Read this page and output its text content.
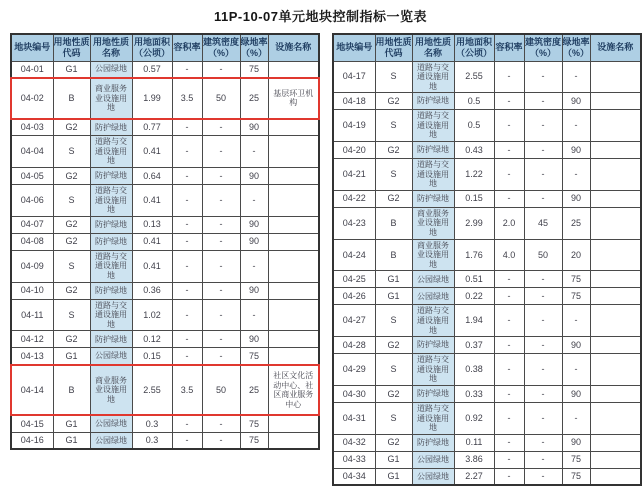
11P-10-07单元地块控制指标一览表
地块编号	用地性质代码	用地性质名称	用地面积（公顷）	容积率	建筑密度（%）	绿地率（%）	设施名称
04-01	G1	公园绿地	0.57	-	-	75	
04-02	B	商业服务业设施用地	1.99	3.5	50	25	基层环卫机构
04-03	G2	防护绿地	0.77	-	-	90	
04-04	S	道路与交通设施用地	0.41	-	-	-	
04-05	G2	防护绿地	0.64	-	-	90	
04-06	S	道路与交通设施用地	0.41	-	-	-	
04-07	G2	防护绿地	0.13	-	-	90	
04-08	G2	防护绿地	0.41	-	-	90	
04-09	S	道路与交通设施用地	0.41	-	-	-	
04-10	G2	防护绿地	0.36	-	-	90	
04-11	S	道路与交通设施用地	1.02	-	-	-	
04-12	G2	防护绿地	0.12	-	-	90	
04-13	G1	公园绿地	0.15	-	-	75	
04-14	B	商业服务业设施用地	2.55	3.5	50	25	社区文化活动中心、社区商业服务中心
04-15	G1	公园绿地	0.3	-	-	75	
04-16	G1	公园绿地	0.3	-	-	75	
地块编号	用地性质代码	用地性质名称	用地面积（公顷）	容积率	建筑密度（%）	绿地率（%）	设施名称
04-17	S	道路与交通设施用地	2.55	-	-	-	
04-18	G2	防护绿地	0.5	-	-	90	
04-19	S	道路与交通设施用地	0.5	-	-	-	
04-20	G2	防护绿地	0.43	-	-	90	
04-21	S	道路与交通设施用地	1.22	-	-	-	
04-22	G2	防护绿地	0.15	-	-	90	
04-23	B	商业服务业设施用地	2.99	2.0	45	25	
04-24	B	商业服务业设施用地	1.76	4.0	50	20	
04-25	G1	公园绿地	0.51	-	-	75	
04-26	G1	公园绿地	0.22	-	-	75	
04-27	S	道路与交通设施用地	1.94	-	-	-	
04-28	G2	防护绿地	0.37	-	-	90	
04-29	S	道路与交通设施用地	0.38	-	-	-	
04-30	G2	防护绿地	0.33	-	-	90	
04-31	S	道路与交通设施用地	0.92	-	-	-	
04-32	G2	防护绿地	0.11	-	-	90	
04-33	G1	公园绿地	3.86	-	-	75	
04-34	G1	公园绿地	2.27	-	-	75	
